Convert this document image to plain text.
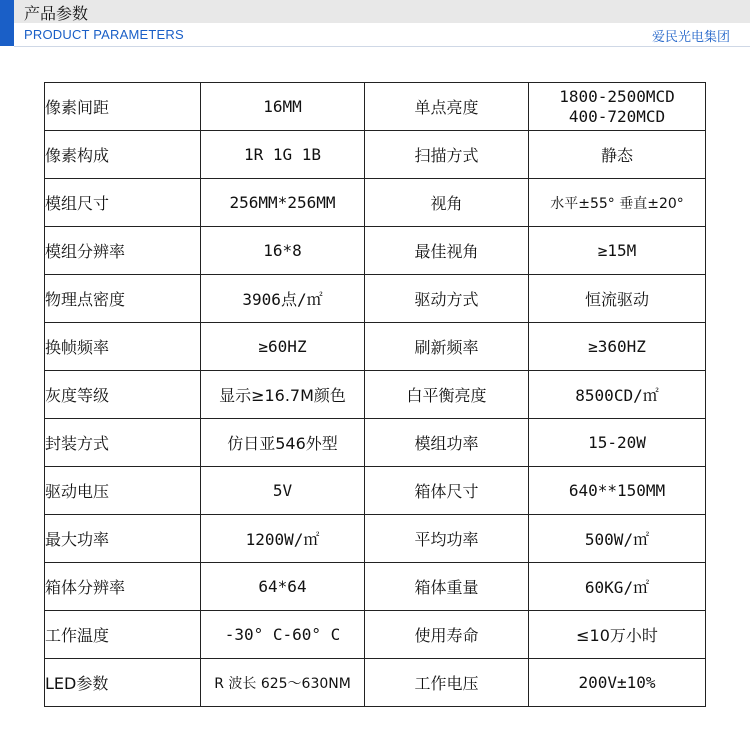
产品参数
PRODUCT PARAMETERS	爱民光电集团
像素间距	16MM	单点亮度	1800-2500MCD
400-720MCD

像素构成	1R 1G 1B	扫描方式	静态
模组尺寸	256MM*256MM	视角	水平±55° 垂直±20°
模组分辨率	16*8	最佳视角	≥15M
物理点密度	3906点/㎡	驱动方式	恒流驱动
换帧频率	≥60HZ	刷新频率	≥360HZ
灰度等级	显示≥16.7M颜色	白平衡亮度	8500CD/㎡
封装方式	仿日亚546外型	模组功率	15-20W
驱动电压	5V	箱体尺寸	640**150MM
最大功率	1200W/㎡	平均功率	500W/㎡
箱体分辨率	64*64	箱体重量	60KG/㎡
工作温度	-30° C-60° C	使用寿命	≤10万小时
LED参数	R 波长 625～630NM	工作电压	200V±10%
